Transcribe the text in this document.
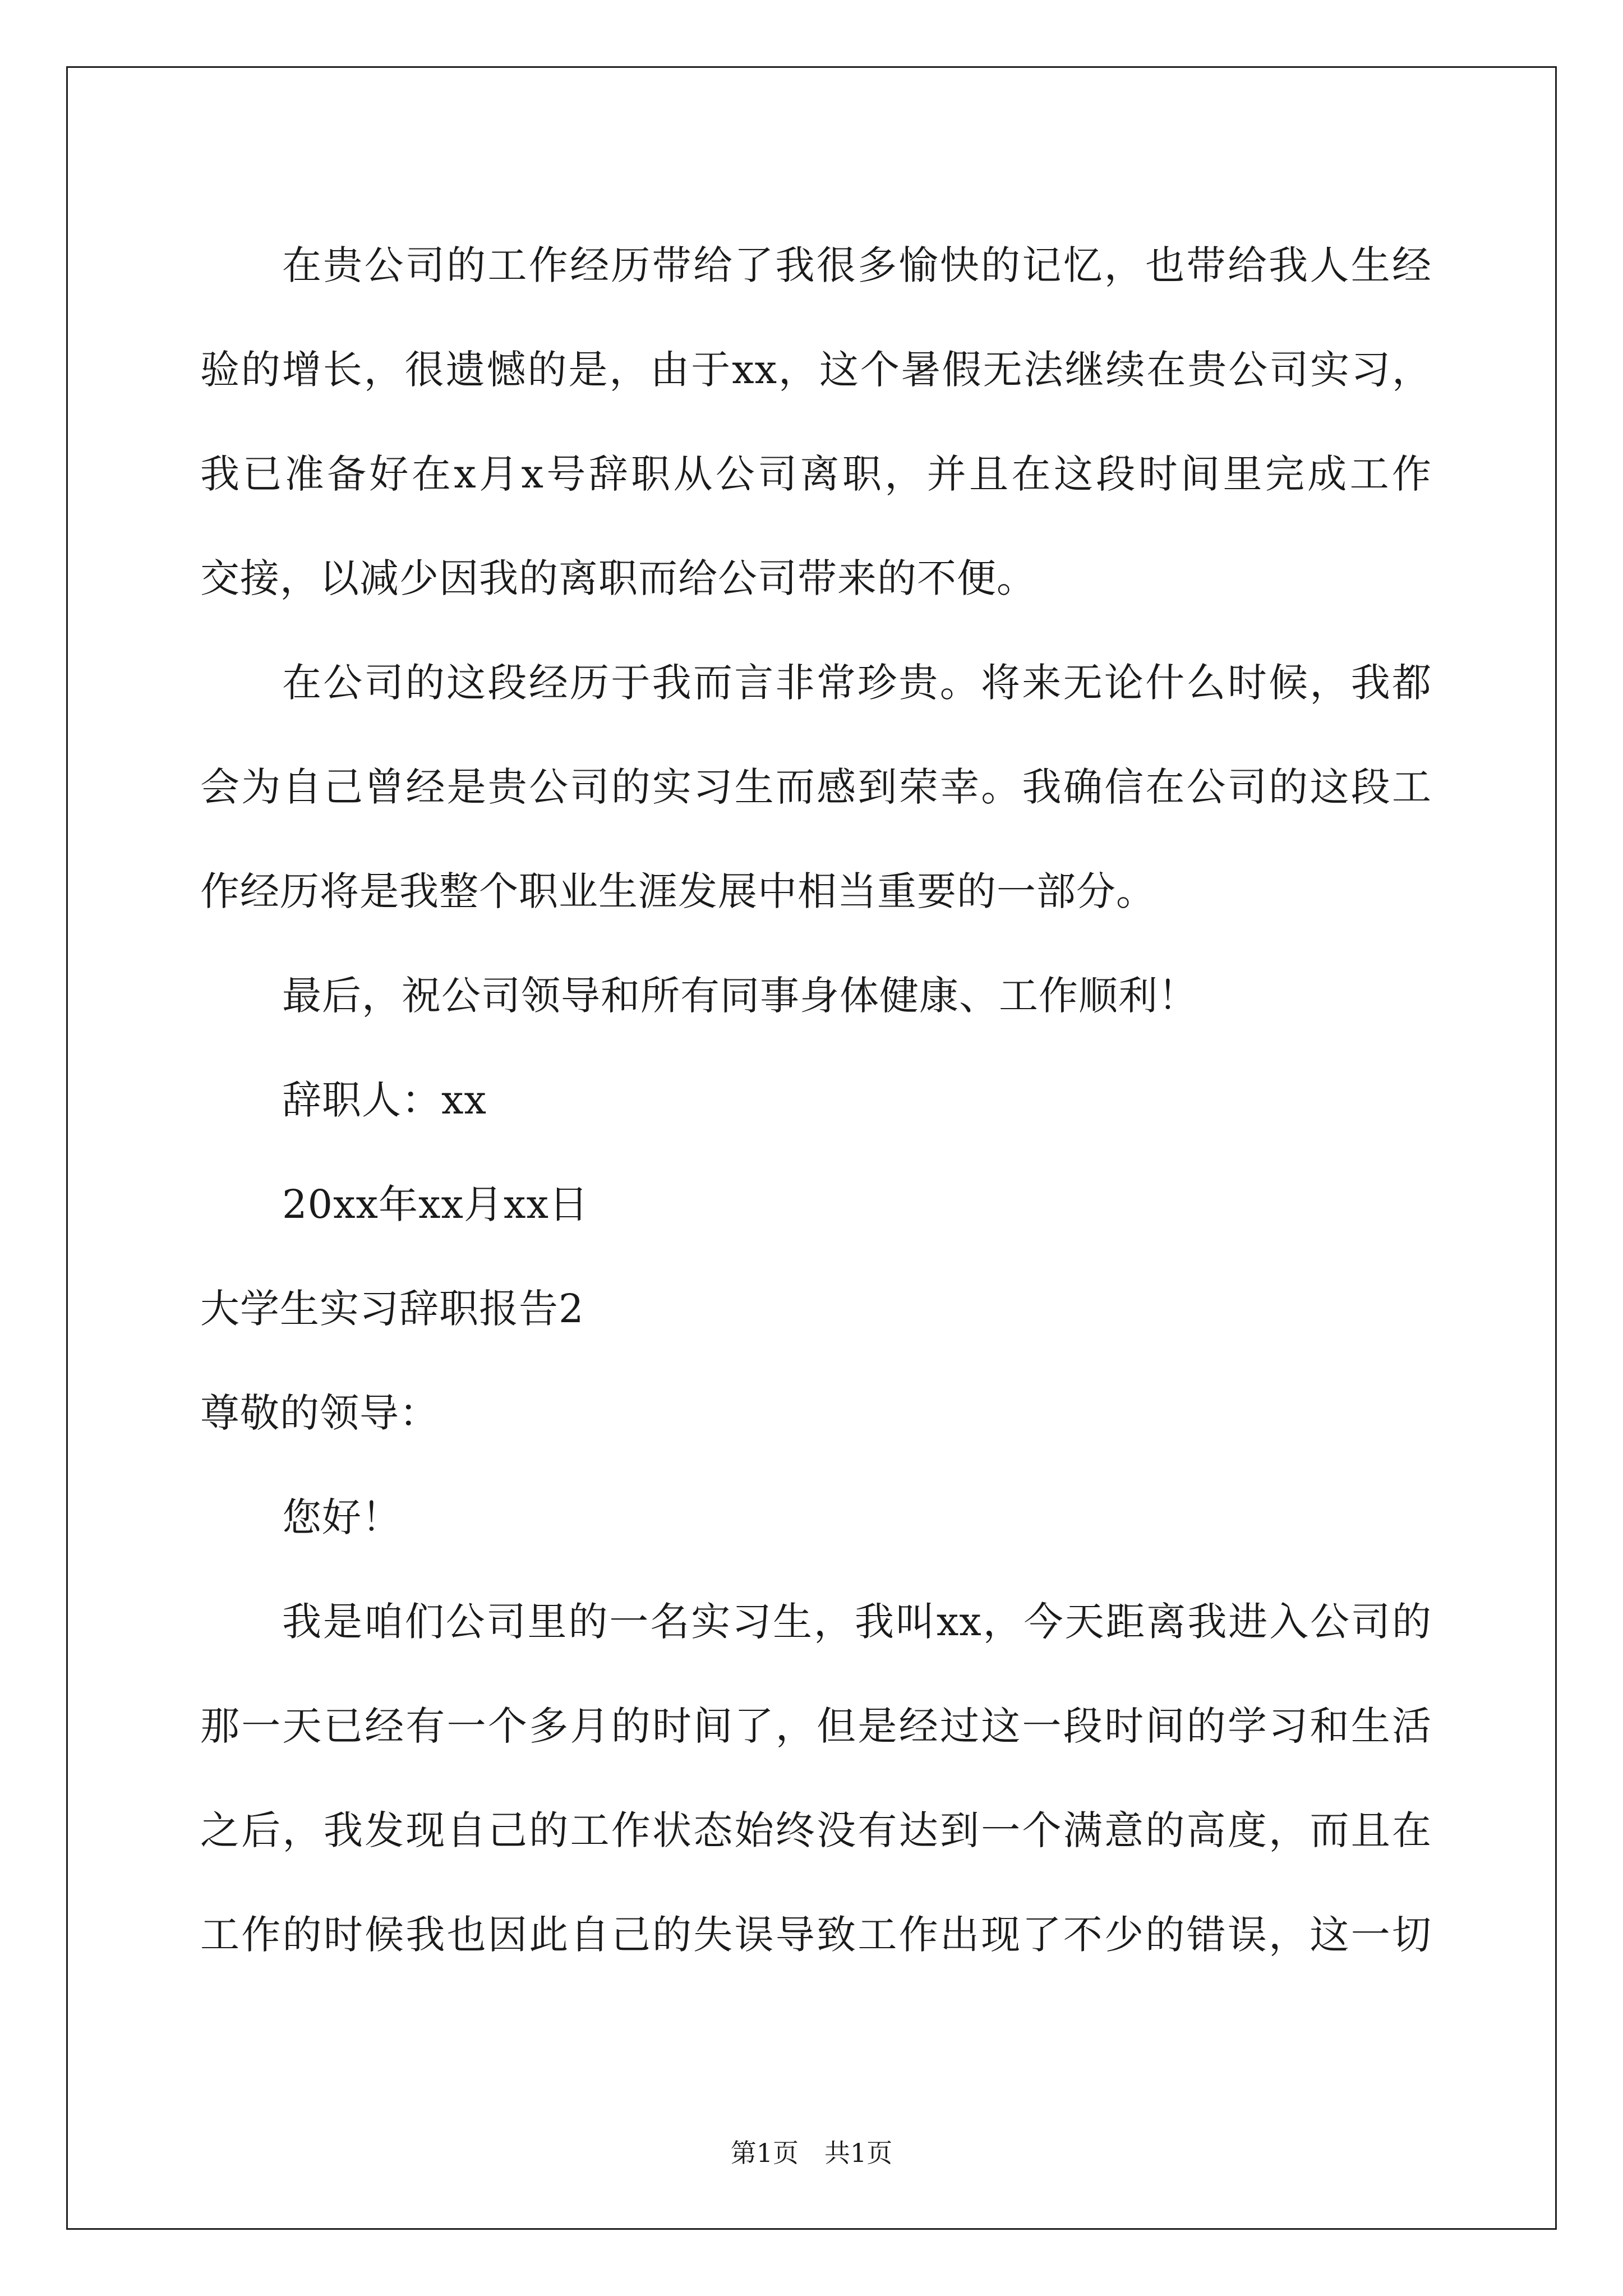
在贵公司的工作经历带给了我很多愉快的记忆，也带给我人生经
验的增长，很遗憾的是，由于xx，这个暑假无法继续在贵公司实习，
我已准备好在x月x号辞职从公司离职，并且在这段时间里完成工作
交接，以减少因我的离职而给公司带来的不便。
在公司的这段经历于我而言非常珍贵。将来无论什么时候，我都
会为自己曾经是贵公司的实习生而感到荣幸。我确信在公司的这段工
作经历将是我整个职业生涯发展中相当重要的一部分。
最后，祝公司领导和所有同事身体健康、工作顺利！
辞职人：xx
20xx年xx月xx日
大学生实习辞职报告2
尊敬的领导：
您好！
我是咱们公司里的一名实习生，我叫xx，今天距离我进入公司的
那一天已经有一个多月的时间了，但是经过这一段时间的学习和生活
之后，我发现自己的工作状态始终没有达到一个满意的高度，而且在
工作的时候我也因此自己的失误导致工作出现了不少的错误，这一切
第1页 共1页
